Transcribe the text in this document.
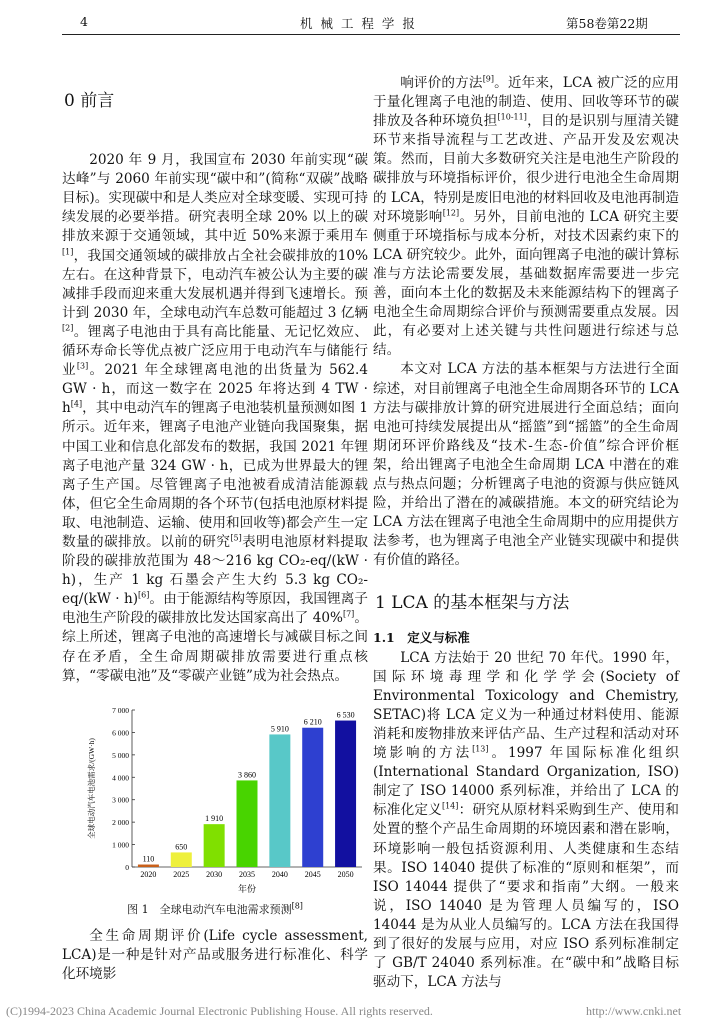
4	机 械 工 程 学 报	第58卷第22期
0 前言

2020 年 9 月，我国宣布 2030 年前实现“碳达峰”与 2060 年前实现“碳中和”(简称“双碳”战略目标)。实现碳中和是人类应对全球变暖、实现可持续发展的必要举措。研究表明全球 20% 以上的碳排放来源于交通领域，其中近 50%来源于乘用车[1]，我国交通领域的碳排放占全社会碳排放的10%左右。在这种背景下，电动汽车被公认为主要的碳减排手段而迎来重大发展机遇并得到飞速增长。预计到 2030 年，全球电动汽车总数可能超过 3 亿辆[2]。锂离子电池由于具有高比能量、无记忆效应、循环寿命长等优点被广泛应用于电动汽车与储能行业[3]。2021 年全球锂离电池的出货量为 562.4 GW · h，而这一数字在 2025 年将达到 4 TW · h[4]，其中电动汽车的锂离子电池装机量预测如图 1 所示。近年来，锂离子电池产业链向我国聚集，据中国工业和信息化部发布的数据，我国 2021 年锂离子电池产量 324 GW · h，已成为世界最大的锂离子生产国。尽管锂离子电池被看成清洁能源载体，但它全生命周期的各个环节(包括电池原材料提取、电池制造、运输、使用和回收等)都会产生一定数量的碳排放。以前的研究[5]表明电池原材料提取阶段的碳排放范围为 48～216 kg CO₂-eq/(kW · h)，生产 1 kg 石墨会产生大约 5.3 kg CO₂-eq/(kW · h)[6]。由于能源结构等原因，我国锂离子电池生产阶段的碳排放比发达国家高出了 40%[7]。综上所述，锂离子电池的高速增长与减碳目标之间存在矛盾，全生命周期碳排放需要进行重点核算，“零碳电池”及“零碳产业链”成为社会热点。

0
1 000
2 000
3 000
4 000
5 000
6 000
7 000
110
2020
650
2025
1 910
2030
3 860
2035
5 910
2040
6 210
2045
6 530
2050
年份
全球电动汽车电池需求/(GW·h)
图 1　全球电动汽车电池需求预测[8]

全生命周期评价(Life cycle assessment, LCA)是一种是针对产品或服务进行标准化、科学化环境影

响评价的方法[9]。近年来，LCA 被广泛的应用于量化锂离子电池的制造、使用、回收等环节的碳排放及各种环境负担[10-11]，目的是识别与厘清关键环节来指导流程与工艺改进、产品开发及宏观决策。然而，目前大多数研究关注是电池生产阶段的碳排放与环境指标评价，很少进行电池全生命周期的 LCA，特别是废旧电池的材料回收及电池再制造对环境影响[12]。另外，目前电池的 LCA 研究主要侧重于环境指标与成本分析，对技术因素约束下的 LCA 研究较少。此外，面向锂离子电池的碳计算标准与方法论需要发展，基础数据库需要进一步完善，面向本土化的数据及未来能源结构下的锂离子电池全生命周期综合评价与预测需要重点发展。因此，有必要对上述关键与共性问题进行综述与总结。

本文对 LCA 方法的基本框架与方法进行全面综述，对目前锂离子电池全生命周期各环节的 LCA 方法与碳排放计算的研究进展进行全面总结；面向电池可持续发展提出从“摇篮”到“摇篮”的全生命周期闭环评价路线及“技术-生态-价值”综合评价框架，给出锂离子电池全生命周期 LCA 中潜在的难点与热点问题；分析锂离子电池的资源与供应链风险，并给出了潜在的减碳措施。本文的研究结论为 LCA 方法在锂离子电池全生命周期中的应用提供方法参考，也为锂离子电池全产业链实现碳中和提供有价值的路径。

1 LCA 的基本框架与方法
1.1　定义与标准

LCA 方法始于 20 世纪 70 年代。1990 年，国际环境毒理学和化学学会(Society of Environmental Toxicology and Chemistry, SETAC)将 LCA 定义为一种通过材料使用、能源消耗和废物排放来评估产品、生产过程和活动对环境影响的方法[13]。1997 年国际标准化组织(International Standard Organization, ISO)制定了 ISO 14000 系列标准，并给出了 LCA 的标准化定义[14]：研究从原材料采购到生产、使用和处置的整个产品生命周期的环境因素和潜在影响，环境影响一般包括资源利用、人类健康和生态结果。ISO 14040 提供了标准的“原则和框架”，而 ISO 14044 提供了“要求和指南”大纲。一般来说，ISO 14040 是为管理人员编写的，ISO 14044 是为从业人员编写的。LCA 方法在我国得到了很好的发展与应用，对应 ISO 系列标准制定了 GB/T 24040 系列标准。在“碳中和”战略目标驱动下，LCA 方法与

(C)1994-2023 China Academic Journal Electronic Publishing House. All rights reserved.	http://www.cnki.net
